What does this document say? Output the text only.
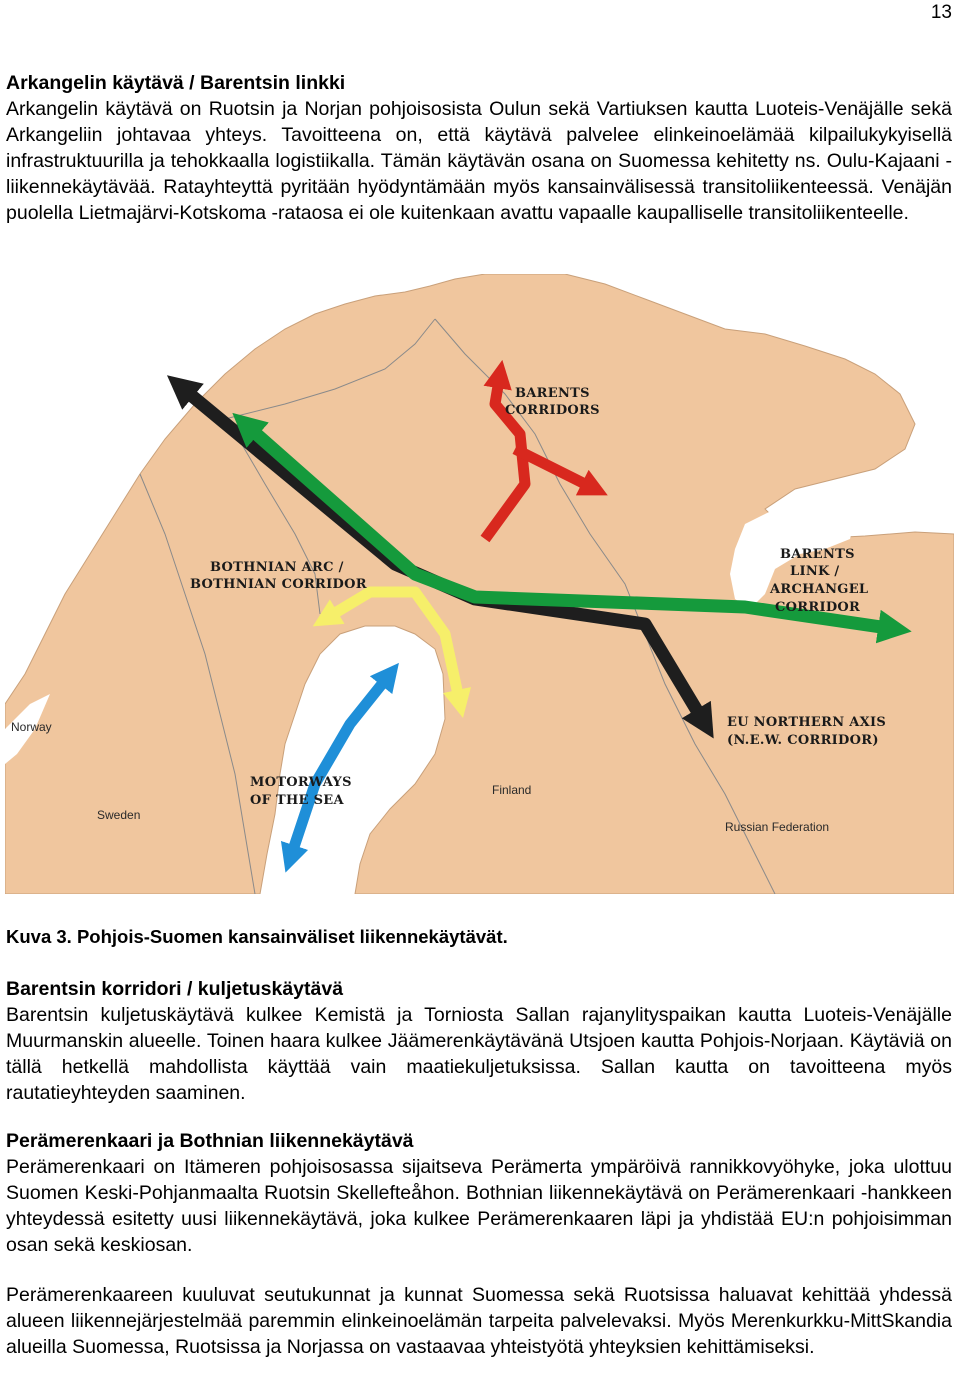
13
Arkangelin käytävä / Barentsin linkki

Arkangelin käytävä on Ruotsin ja Norjan pohjoisosista Oulun sekä Vartiuksen kautta Luoteis-Venäjälle sekä Arkangeliin johtavaa yhteys. Tavoitteena on, että käytävä palvelee elinkeinoelämää kilpailukykyisellä infrastruktuurilla ja tehokkaalla logistiikalla. Tämän käytävän osana on Suomessa kehitetty ns. Oulu-Kajaani -liikennekäytävää. Ratayhteyttä pyritään hyödyntämään myös kansainvälisessä transitoliikenteessä. Venäjän puolella Lietmajärvi-Kotskoma -rataosa ei ole kuitenkaan avattu vapaalle kaupalliselle transitoliikenteelle.

BARENTS
CORRIDORS
BOTHNIAN ARC /
BOTHNIAN CORRIDOR
BARENTS
LINK /
ARCHANGEL
CORRIDOR
EU NORTHERN AXIS
(N.E.W. CORRIDOR)
MOTORWAYS
OF THE SEA
Norway
Sweden
Finland
Russian Federation
Kuva 3. Pohjois-Suomen kansainväliset liikennekäytävät.
Barentsin korridori / kuljetuskäytävä

Barentsin kuljetuskäytävä kulkee Kemistä ja Torniosta Sallan rajanylityspaikan kautta Luoteis-Venäjälle Muurmanskin alueelle. Toinen haara kulkee Jäämerenkäytävänä Utsjoen kautta Pohjois-Norjaan. Käytäviä on tällä hetkellä mahdollista käyttää vain maatiekuljetuksissa. Sallan kautta on tavoitteena myös rautatieyhteyden saaminen.

Perämerenkaari ja Bothnian liikennekäytävä

Perämerenkaari on Itämeren pohjoisosassa sijaitseva Perämerta ympäröivä rannikkovyöhyke, joka ulottuu Suomen Keski-Pohjanmaalta Ruotsin Skellefteåhon. Bothnian liikennekäytävä on Perämerenkaari -hankkeen yhteydessä esitetty uusi liikennekäytävä, joka kulkee Perämerenkaaren läpi ja yhdistää EU:n pohjoisimman osan sekä keskiosan.

Perämerenkaareen kuuluvat seutukunnat ja kunnat Suomessa sekä Ruotsissa haluavat kehittää yhdessä alueen liikennejärjestelmää paremmin elinkeinoelämän tarpeita palvelevaksi. Myös Merenkurkku-MittSkandia alueilla Suomessa, Ruotsissa ja Norjassa on vastaavaa yhteistyötä yhteyksien kehittämiseksi.
